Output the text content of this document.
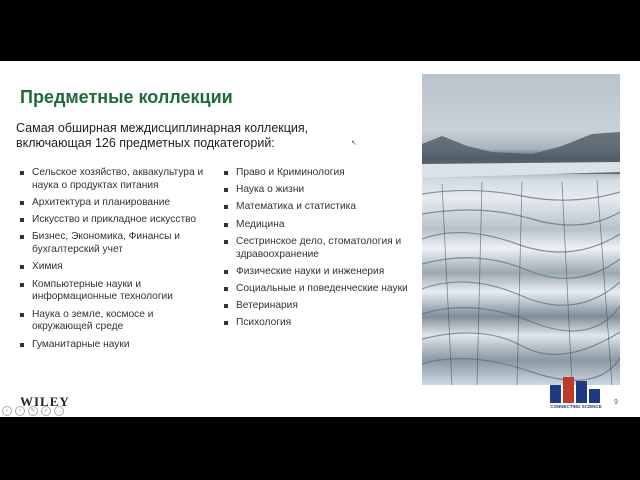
Предметные коллекции
Самая обширная междисциплинарная коллекция, включающая 126 предметных подкатегорий:
Сельское хозяйство, аквакультура и наука о продуктах питания
Архитектура и планирование
Искусство и прикладное искусство
Бизнес, Экономика, Финансы и бухгалтерский учет
Химия
Компьютерные науки и информационные технологии
Наука о земле, космосе и окружающей среде
Гуманитарные науки
Право и Криминология
Наука о жизни
Математика и статистика
Медицина
Сестринское дело, стоматология и здравоохранение
Физические науки и инженерия
Социальные и поведенческие науки
Ветеринария
Психология
↖
CONNECTING SCIENCE
9
WILEY
‹	›	✎	⌕	…
